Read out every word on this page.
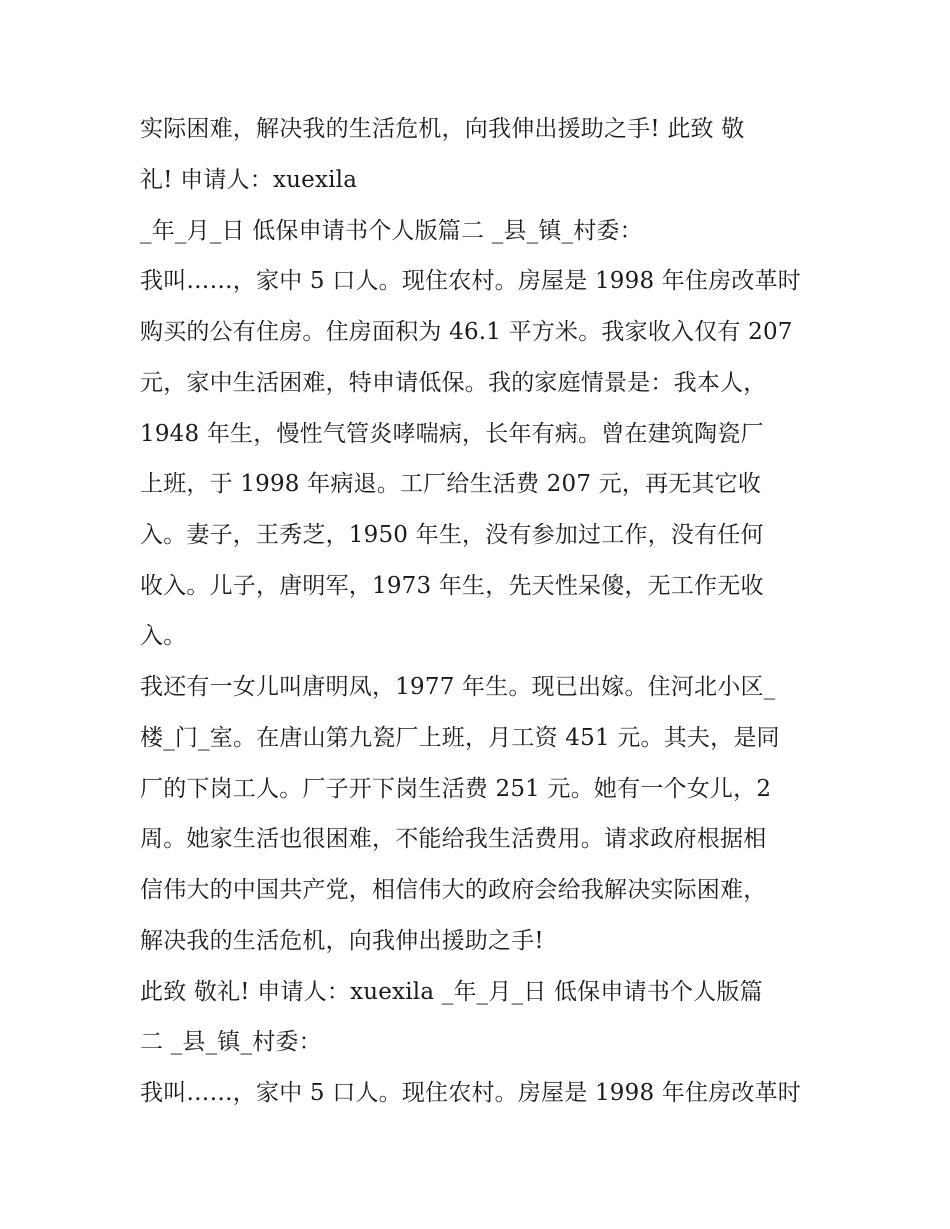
实际困难，解决我的生活危机，向我伸出援助之手! 此致 敬
礼! 申请人：xuexila
_年_月_日 低保申请书个人版篇二 _县_镇_村委：
我叫……，家中 5 口人。现住农村。房屋是 1998 年住房改革时
购买的公有住房。住房面积为 46.1 平方米。我家收入仅有 207
元，家中生活困难，特申请低保。我的家庭情景是：我本人，
1948 年生，慢性气管炎哮喘病，长年有病。曾在建筑陶瓷厂
上班，于 1998 年病退。工厂给生活费 207 元，再无其它收
入。妻子，王秀芝，1950 年生，没有参加过工作，没有任何
收入。儿子，唐明军，1973 年生，先天性呆傻，无工作无收
入。
我还有一女儿叫唐明凤，1977 年生。现已出嫁。住河北小区_
楼_门_室。在唐山第九瓷厂上班，月工资 451 元。其夫，是同
厂的下岗工人。厂子开下岗生活费 251 元。她有一个女儿，2
周。她家生活也很困难，不能给我生活费用。请求政府根据相
信伟大的中国共产党，相信伟大的政府会给我解决实际困难，
解决我的生活危机，向我伸出援助之手!
此致 敬礼! 申请人：xuexila _年_月_日 低保申请书个人版篇
二 _县_镇_村委：
我叫……，家中 5 口人。现住农村。房屋是 1998 年住房改革时
